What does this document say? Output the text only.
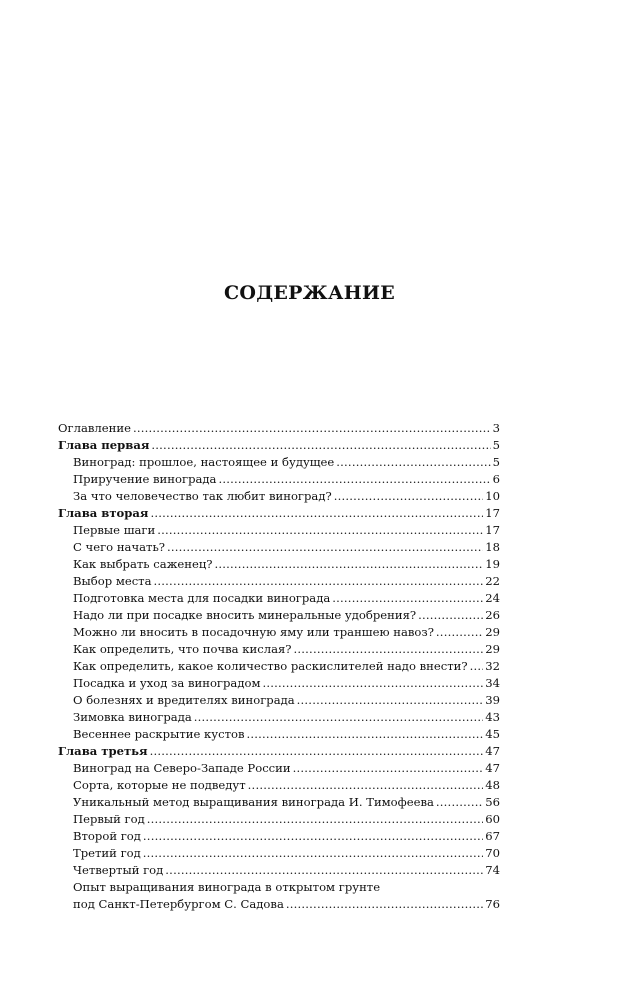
СОДЕРЖАНИЕ
Оглавление .....	3
Глава первая .....	5
Виноград: прошлое, настоящее и будущее .....	5
Приручение винограда .....	6
За что человечество так любит виноград? .....	10
Глава вторая .....	17
Первые шаги .....	17
С чего начать? .....	18
Как выбрать саженец? .....	19
Выбор места .....	22
Подготовка места для посадки винограда .....	24
Надо ли при посадке вносить минеральные удобрения? .....	26
Можно ли вносить в посадочную яму или траншею навоз? .....	29
Как определить, что почва кислая? .....	29
Как определить, какое количество раскислителей надо внести? ..... 32
Посадка и уход за виноградом .....	34
О болезнях и вредителях винограда .....	39
Зимовка винограда .....	43
Весеннее раскрытие кустов .....	45
Глава третья .....	47
Виноград на Северо-Западе России .....	47
Сорта, которые не подведут .....	48
Уникальный метод выращивания винограда И. Тимофеева .....	56
Первый год .....	60
Второй год .....	67
Третий год .....	70
Четвертый год .....	74
Опыт выращивания винограда в открытом грунте
под Санкт-Петербургом С. Садова .....	76
